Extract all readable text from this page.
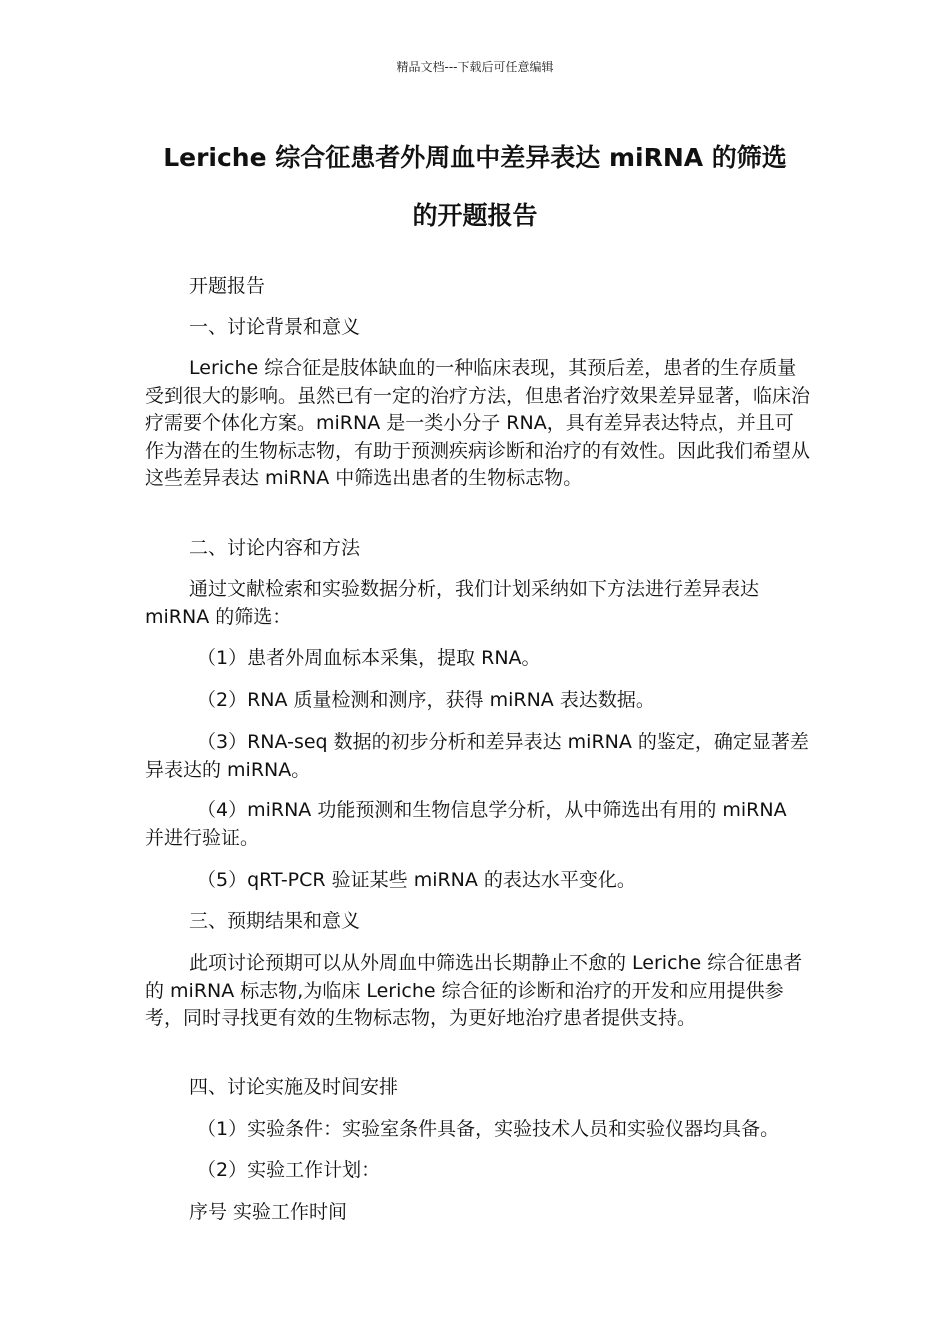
精品文档---下载后可任意编辑
Leriche 综合征患者外周血中差异表达 miRNA 的筛选
的开题报告
开题报告
一、讨论背景和意义
Leriche 综合征是肢体缺血的一种临床表现，其预后差，患者的生存质量受到很大的影响。虽然已有一定的治疗方法，但患者治疗效果差异显著，临床治疗需要个体化方案。miRNA 是一类小分子 RNA，具有差异表达特点，并且可作为潜在的生物标志物，有助于预测疾病诊断和治疗的有效性。因此我们希望从这些差异表达 miRNA 中筛选出患者的生物标志物。
二、讨论内容和方法
通过文献检索和实验数据分析，我们计划采纳如下方法进行差异表达 miRNA 的筛选：
（1）患者外周血标本采集，提取 RNA。
（2）RNA 质量检测和测序，获得 miRNA 表达数据。
（3）RNA-seq 数据的初步分析和差异表达 miRNA 的鉴定，确定显著差异表达的 miRNA。
（4）miRNA 功能预测和生物信息学分析，从中筛选出有用的 miRNA 并进行验证。
（5）qRT-PCR 验证某些 miRNA 的表达水平变化。
三、预期结果和意义
此项讨论预期可以从外周血中筛选出长期静止不愈的 Leriche 综合征患者的 miRNA 标志物,为临床 Leriche 综合征的诊断和治疗的开发和应用提供参考，同时寻找更有效的生物标志物，为更好地治疗患者提供支持。
四、讨论实施及时间安排
（1）实验条件：实验室条件具备，实验技术人员和实验仪器均具备。
（2）实验工作计划：
序号 实验工作时间
